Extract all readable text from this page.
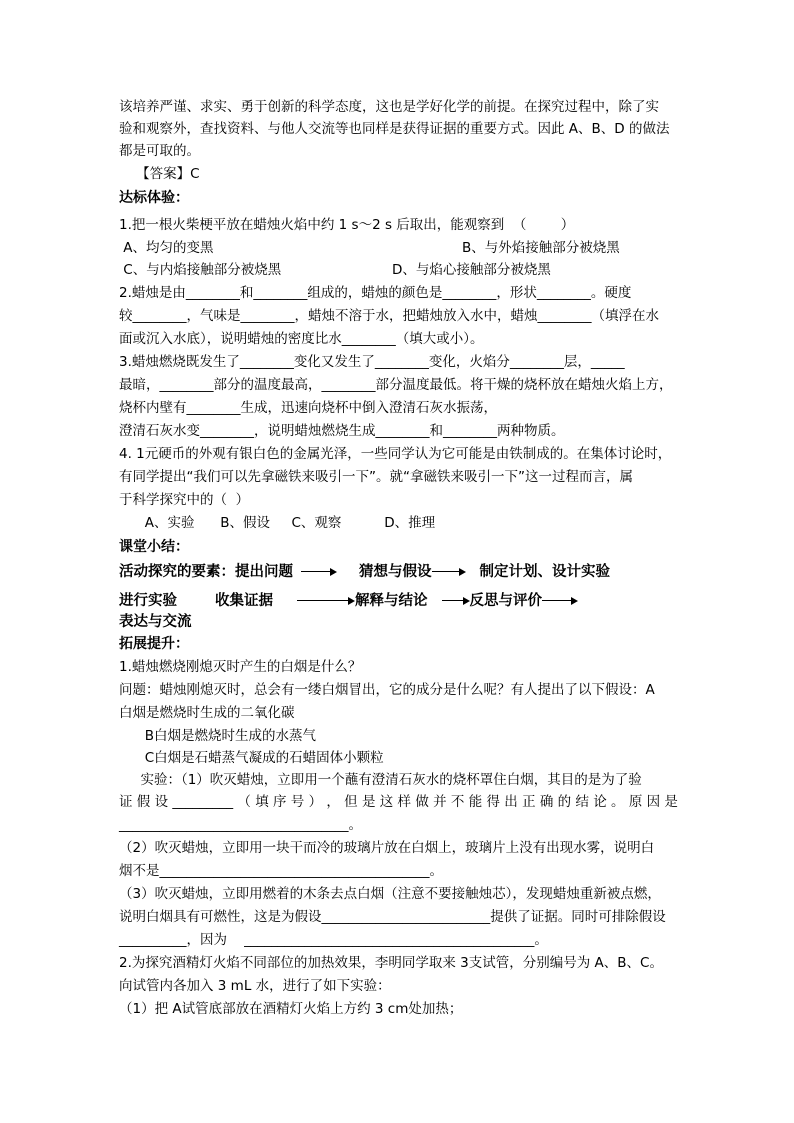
该培养严谨、求实、勇于创新的科学态度，这也是学好化学的前提。在探究过程中，除了实
验和观察外，查找资料、与他人交流等也同样是获得证据的重要方式。因此 A、B、D 的做法
都是可取的。
【答案】C
达标体验：
1.把一根火柴梗平放在蜡烛火焰中约 1 s～2 s 后取出，能观察到  （        ）
A、均匀的变黑	B、与外焰接触部分被烧黑
C、与内焰接触部分被烧黑	D、与焰心接触部分被烧黑
2.蜡烛是由________和________组成的，蜡烛的颜色是________，形状________。硬度
较________，气味是________，蜡烛不溶于水，把蜡烛放入水中，蜡烛________（填浮在水
面或沉入水底），说明蜡烛的密度比水________（填大或小）。
3.蜡烛燃烧既发生了________变化又发生了________变化，火焰分________层，_____
最暗，________部分的温度最高，________部分温度最低。将干燥的烧杯放在蜡烛火焰上方，
烧杯内壁有________生成，迅速向烧杯中倒入澄清石灰水振荡，
澄清石灰水变________，说明蜡烛燃烧生成________和________两种物质。
4. 1元硬币的外观有银白色的金属光泽，一些同学认为它可能是由铁制成的。在集体讨论时，
有同学提出“我们可以先拿磁铁来吸引一下”。就“拿磁铁来吸引一下”这一过程而言，属
于科学探究中的（  ）
A、实验      B、假设     C、观察          D、推理
课堂小结：
活动探究的要素：提出问题	猜想与假设	制定计划、设计实验
进行实验	收集证据	解释与结论	反思与评价
表达与交流
拓展提升：
1.蜡烛燃烧刚熄灭时产生的白烟是什么？
问题：蜡烛刚熄灭时，总会有一缕白烟冒出，它的成分是什么呢？有人提出了以下假设：A
白烟是燃烧时生成的二氧化碳
B白烟是燃烧时生成的水蒸气
C白烟是石蜡蒸气凝成的石蜡固体小颗粒
实验：（1）吹灭蜡烛，立即用一个蘸有澄清石灰水的烧杯罩住白烟，其目的是为了验
证 假 设 _________ （ 填 序 号 ） ， 但 是 这 样 做 并 不 能 得 出 正 确 的 结 论 。 原 因 是
__________________________________。
（2）吹灭蜡烛，立即用一块干而冷的玻璃片放在白烟上，玻璃片上没有出现水雾，说明白
烟不是________________________________________。
（3）吹灭蜡烛，立即用燃着的木条去点白烟（注意不要接触烛芯），发现蜡烛重新被点燃，
说明白烟具有可燃性，这是为假设_________________________提供了证据。同时可排除假设
__________，因为    ___________________________________________。
2.为探究酒精灯火焰不同部位的加热效果，李明同学取来 3支试管，分别编号为 A、B、C。
向试管内各加入 3 mL 水，进行了如下实验：
（1）把 A试管底部放在酒精灯火焰上方约 3 cm处加热；
